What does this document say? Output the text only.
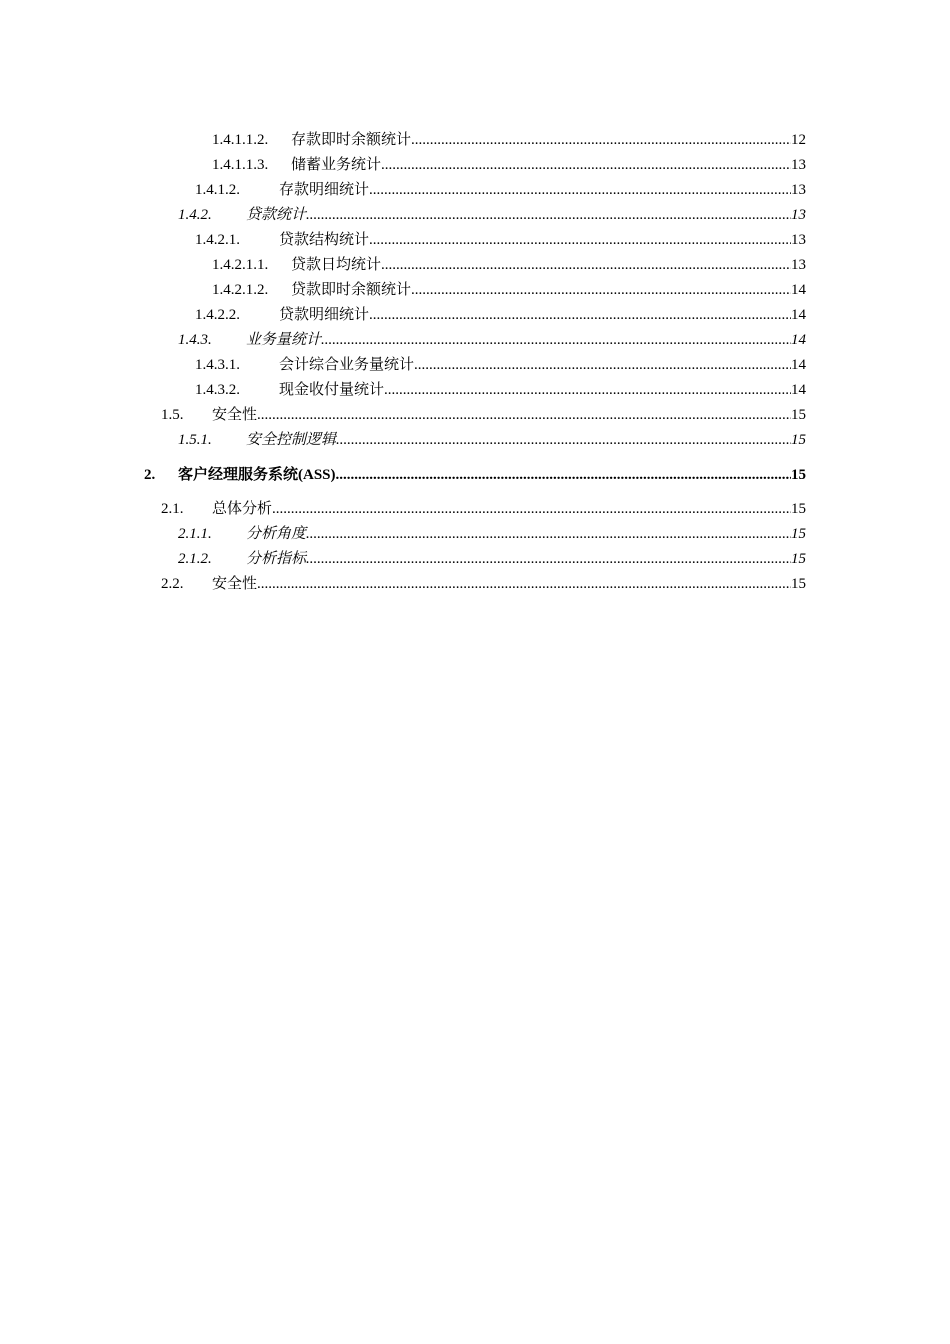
1.4.1.1.2.	存款即时余额统计 .....	12
1.4.1.1.3.	储蓄业务统计 .....	13
1.4.1.2.	存款明细统计 .....	13
1.4.2.	贷款统计 .....	13
1.4.2.1.	贷款结构统计 .....	13
1.4.2.1.1.	贷款日均统计 .....	13
1.4.2.1.2.	贷款即时余额统计 .....	14
1.4.2.2.	贷款明细统计 .....	14
1.4.3.	业务量统计 .....	14
1.4.3.1.	会计综合业务量统计 .....	14
1.4.3.2.	现金收付量统计 .....	14
1.5.	安全性 .....	15
1.5.1.	安全控制逻辑 .....	15
2.	客户经理服务系统(ASS) .....	15
2.1.	总体分析 .....	15
2.1.1.	分析角度 .....	15
2.1.2.	分析指标 .....	15
2.2.	安全性 .....	15
